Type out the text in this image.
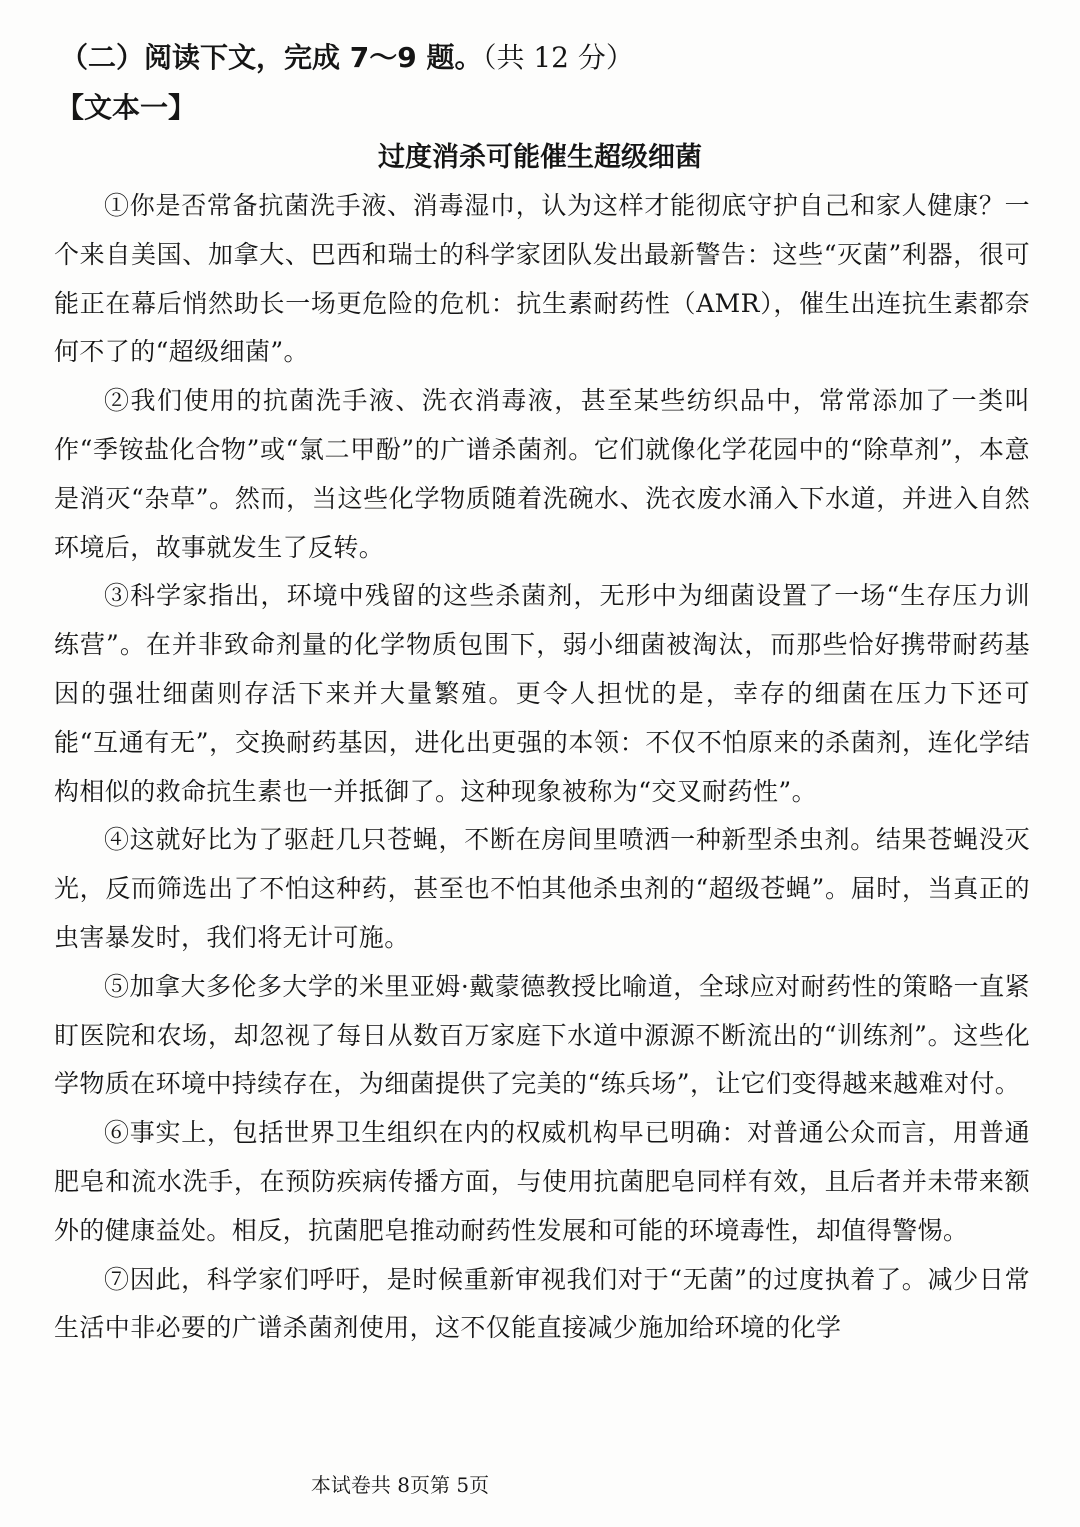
（二）阅读下文，完成 7～9 题。（共 12 分）
【文本一】
过度消杀可能催生超级细菌

①你是否常备抗菌洗手液、消毒湿巾，认为这样才能彻底守护自己和家人健康？一个来自美国、加拿大、巴西和瑞士的科学家团队发出最新警告：这些“灭菌”利器，很可能正在幕后悄然助长一场更危险的危机：抗生素耐药性（AMR），催生出连抗生素都奈何不了的“超级细菌”。

②我们使用的抗菌洗手液、洗衣消毒液，甚至某些纺织品中，常常添加了一类叫作“季铵盐化合物”或“氯二甲酚”的广谱杀菌剂。它们就像化学花园中的“除草剂”，本意是消灭“杂草”。然而，当这些化学物质随着洗碗水、洗衣废水涌入下水道，并进入自然环境后，故事就发生了反转。

③科学家指出，环境中残留的这些杀菌剂，无形中为细菌设置了一场“生存压力训练营”。在并非致命剂量的化学物质包围下，弱小细菌被淘汰，而那些恰好携带耐药基因的强壮细菌则存活下来并大量繁殖。更令人担忧的是，幸存的细菌在压力下还可能“互通有无”，交换耐药基因，进化出更强的本领：不仅不怕原来的杀菌剂，连化学结构相似的救命抗生素也一并抵御了。这种现象被称为“交叉耐药性”。

④这就好比为了驱赶几只苍蝇，不断在房间里喷洒一种新型杀虫剂。结果苍蝇没灭光，反而筛选出了不怕这种药，甚至也不怕其他杀虫剂的“超级苍蝇”。届时，当真正的虫害暴发时，我们将无计可施。

⑤加拿大多伦多大学的米里亚姆·戴蒙德教授比喻道，全球应对耐药性的策略一直紧盯医院和农场，却忽视了每日从数百万家庭下水道中源源不断流出的“训练剂”。这些化学物质在环境中持续存在，为细菌提供了完美的“练兵场”，让它们变得越来越难对付。

⑥事实上，包括世界卫生组织在内的权威机构早已明确：对普通公众而言，用普通肥皂和流水洗手，在预防疾病传播方面，与使用抗菌肥皂同样有效，且后者并未带来额外的健康益处。相反，抗菌肥皂推动耐药性发展和可能的环境毒性，却值得警惕。

⑦因此，科学家们呼吁，是时候重新审视我们对于“无菌”的过度执着了。减少日常生活中非必要的广谱杀菌剂使用，这不仅能直接减少施加给环境的化学

本试卷共 8页第 5页
